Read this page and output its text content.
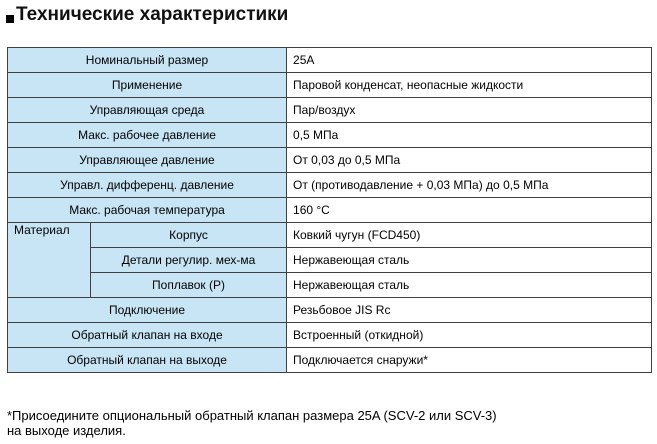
Технические характеристики
Номинальный размер		25A
Применение		Паровой конденсат, неопасные жидкости
Управляющая среда		Пар/воздух
Макс. рабочее давление		0,5 МПа
Управляющее давление		От 0,03 до 0,5 МПа
Управл. дифференц. давление		От (противодавление + 0,03 МПа) до 0,5 МПа
Макс. рабочая температура		160 °C
Материал	Корпус	Ковкий чугун (FCD450)
	Детали регулир. мех-ма	Нержавеющая сталь
	Поплавок (Р)	Нержавеющая сталь
Подключение		Резьбовое JIS Rc
Обратный клапан на входе		Встроенный (откидной)
Обратный клапан на выходе		Подключается снаружи*
*Присоедините опциональный обратный клапан размера 25A (SCV-2 или SCV-3)
на выходе изделия.
